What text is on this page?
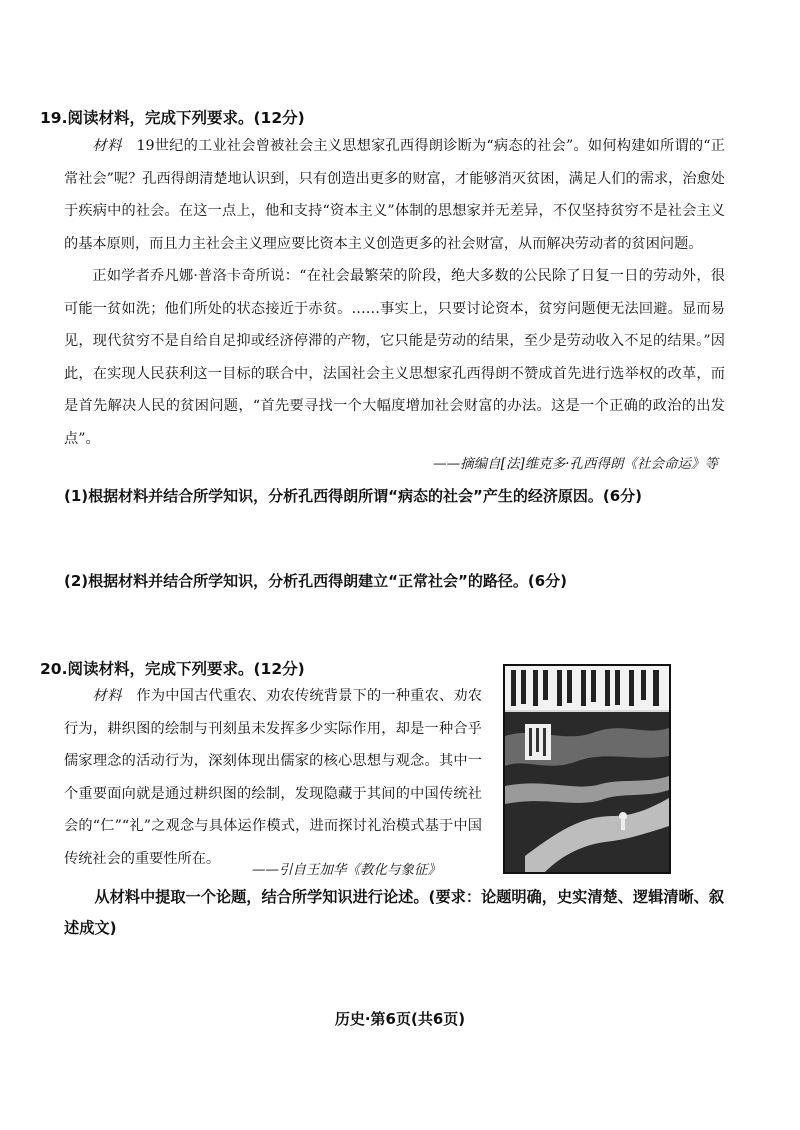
19.阅读材料，完成下列要求。(12分)

材料 19世纪的工业社会曾被社会主义思想家孔西得朗诊断为“病态的社会”。如何构建如所谓的“正常社会”呢？孔西得朗清楚地认识到，只有创造出更多的财富，才能够消灭贫困，满足人们的需求，治愈处于疾病中的社会。在这一点上，他和支持“资本主义”体制的思想家并无差异，不仅坚持贫穷不是社会主义的基本原则，而且力主社会主义理应要比资本主义创造更多的社会财富，从而解决劳动者的贫困问题。

正如学者乔凡娜·普洛卡奇所说：“在社会最繁荣的阶段，绝大多数的公民除了日复一日的劳动外，很可能一贫如洗；他们所处的状态接近于赤贫。……事实上，只要讨论资本，贫穷问题便无法回避。显而易见，现代贫穷不是自给自足抑或经济停滞的产物，它只能是劳动的结果，至少是劳动收入不足的结果。”因此，在实现人民获利这一目标的联合中，法国社会主义思想家孔西得朗不赞成首先进行选举权的改革，而是首先解决人民的贫困问题，“首先要寻找一个大幅度增加社会财富的办法。这是一个正确的政治的出发点”。

——摘编自[法]维克多·孔西得朗《社会命运》等
(1)根据材料并结合所学知识，分析孔西得朗所谓“病态的社会”产生的经济原因。(6分)
(2)根据材料并结合所学知识，分析孔西得朗建立“正常社会”的路径。(6分)
20.阅读材料，完成下列要求。(12分)

材料 作为中国古代重农、劝农传统背景下的一种重农、劝农行为，耕织图的绘制与刊刻虽未发挥多少实际作用，却是一种合乎儒家理念的活动行为，深刻体现出儒家的核心思想与观念。其中一个重要面向就是通过耕织图的绘制，发现隐藏于其间的中国传统社会的“仁”“礼”之观念与具体运作模式，进而探讨礼治模式基于中国传统社会的重要性所在。

——引自王加华《教化与象征》

从材料中提取一个论题，结合所学知识进行论述。(要求：论题明确，史实清楚、逻辑清晰、叙述成文)

历史·第6页(共6页)
